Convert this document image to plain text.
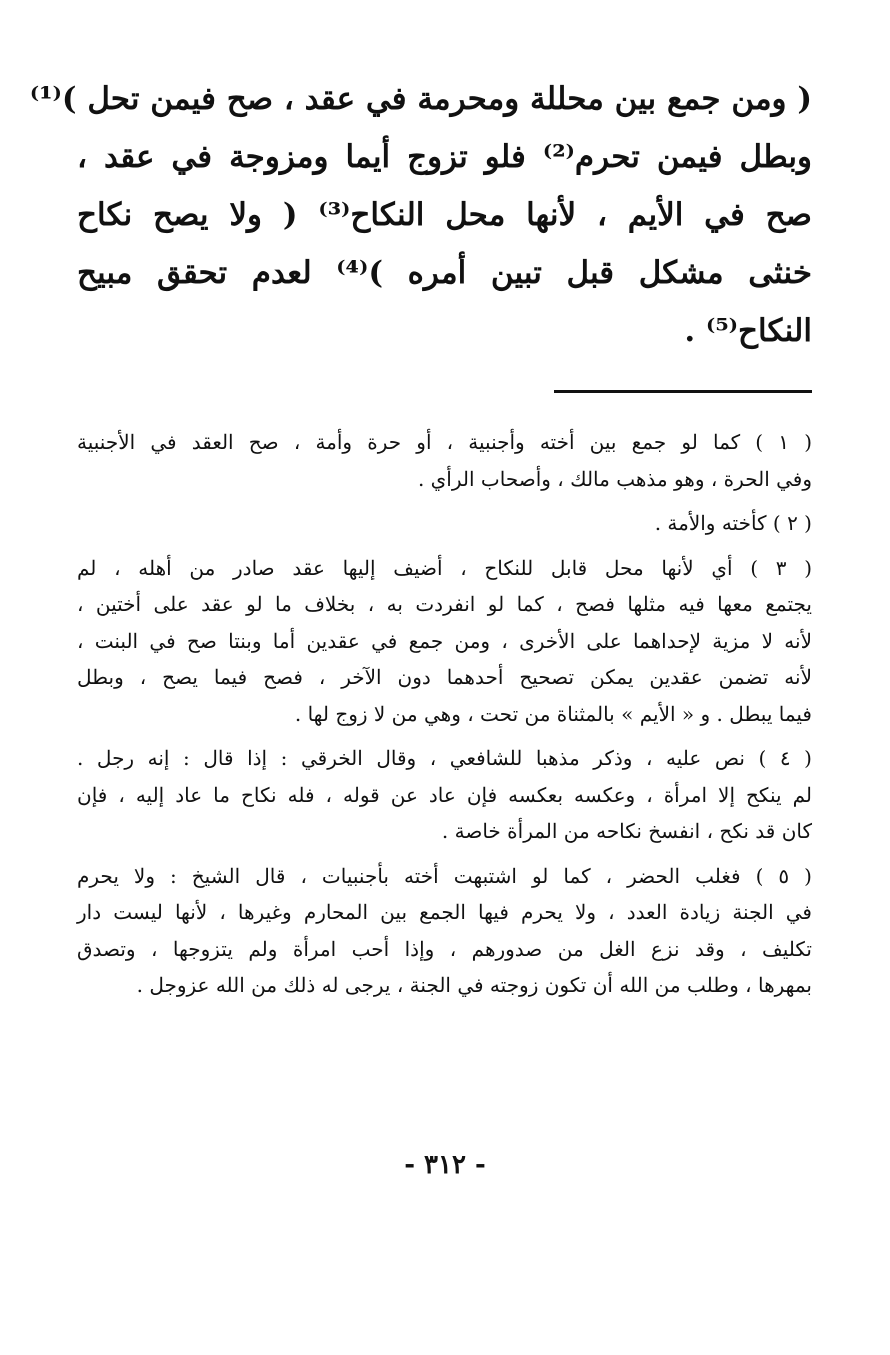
( ومن جمع بين محللة ومحرمة في عقد ، صح فيمن تحل )⁽¹⁾
وبطل فيمن تحرم⁽²⁾ فلو تزوج أيما ومزوجة في عقد ،
صح في الأيم ، لأنها محل النكاح⁽³⁾ ( ولا يصح نكاح
خنثى مشكل قبل تبين أمره )⁽⁴⁾ لعدم تحقق مبيح
النكاح⁽⁵⁾ .
( ١ ) كما لو جمع بين أخته وأجنبية ، أو حرة وأمة ، صح العقد في الأجنبية
وفي الحرة ، وهو مذهب مالك ، وأصحاب الرأي .
( ٢ ) كأخته والأمة .
( ٣ ) أي لأنها محل قابل للنكاح ، أضيف إليها عقد صادر من أهله ، لم
يجتمع معها فيه مثلها فصح ، كما لو انفردت به ، بخلاف ما لو عقد على أختين ،
لأنه لا مزية لإحداهما على الأخرى ، ومن جمع في عقدين أما وبنتا صح في البنت ،
لأنه تضمن عقدين يمكن تصحيح أحدهما دون الآخر ، فصح فيما يصح ، وبطل
فيما يبطل . و « الأيم » بالمثناة من تحت ، وهي من لا زوج لها .
( ٤ ) نص عليه ، وذكر مذهبا للشافعي ، وقال الخرقي : إذا قال : إنه رجل .
لم ينكح إلا امرأة ، وعكسه بعكسه فإن عاد عن قوله ، فله نكاح ما عاد إليه ، فإن
كان قد نكح ، انفسخ نكاحه من المرأة خاصة .
( ٥ ) فغلب الحضر ، كما لو اشتبهت أخته بأجنبيات ، قال الشيخ : ولا يحرم
في الجنة زيادة العدد ، ولا يحرم فيها الجمع بين المحارم وغيرها ، لأنها ليست دار
تكليف ، وقد نزع الغل من صدورهم ، وإذا أحب امرأة ولم يتزوجها ، وتصدق
بمهرها ، وطلب من الله أن تكون زوجته في الجنة ، يرجى له ذلك من الله عزوجل .
- ٣١٢ -
